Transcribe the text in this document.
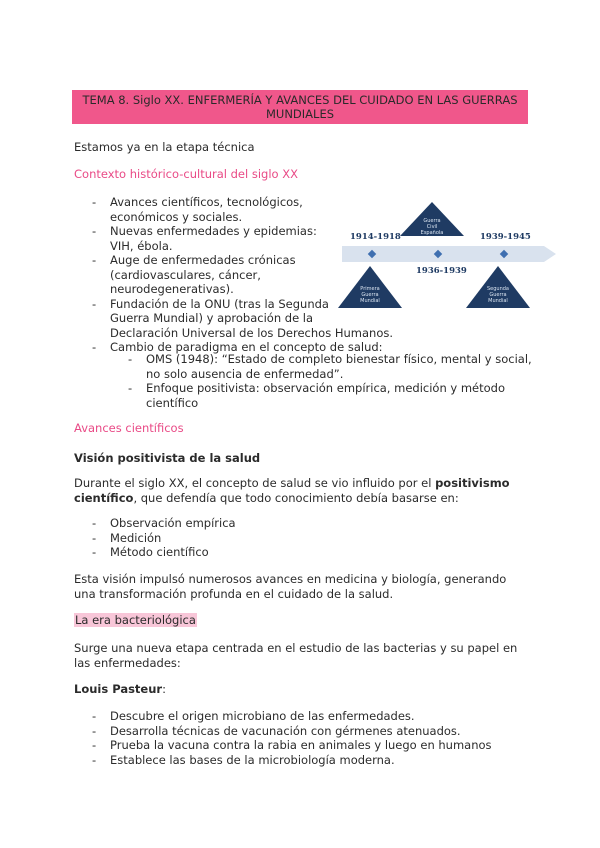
TEMA 8. Siglo XX. ENFERMERÍA Y AVANCES DEL CUIDADO EN LAS GUERRAS
MUNDIALES
Estamos ya en la etapa técnica
Contexto histórico-cultural del siglo XX
- Avances científicos, tecnológicos,
económicos y sociales.
- Nuevas enfermedades y epidemias:
VIH, ébola.
- Auge de enfermedades crónicas
(cardiovasculares, cáncer,
neurodegenerativas).
- Fundación de la ONU (tras la Segunda
Guerra Mundial) y aprobación de la
Declaración Universal de los Derechos Humanos.
- Cambio de paradigma en el concepto de salud:
- OMS (1948): “Estado de completo bienestar físico, mental y social,
no solo ausencia de enfermedad”.
- Enfoque positivista: observación empírica, medición y método
científico
1914-1918	1939-1945
1936-1939
Guerra
Civil
Española
Primera
Guerra
Mundial
Segunda
Guerra
Mundial
Avances científicos
Visión positivista de la salud
Durante el siglo XX, el concepto de salud se vio influido por el positivismo
científico, que defendía que todo conocimiento debía basarse en:
- Observación empírica
- Medición
- Método científico
Esta visión impulsó numerosos avances en medicina y biología, generando
una transformación profunda en el cuidado de la salud.
La era bacteriológica
Surge una nueva etapa centrada en el estudio de las bacterias y su papel en
las enfermedades:
Louis Pasteur:
- Descubre el origen microbiano de las enfermedades.
- Desarrolla técnicas de vacunación con gérmenes atenuados.
- Prueba la vacuna contra la rabia en animales y luego en humanos
- Establece las bases de la microbiología moderna.
